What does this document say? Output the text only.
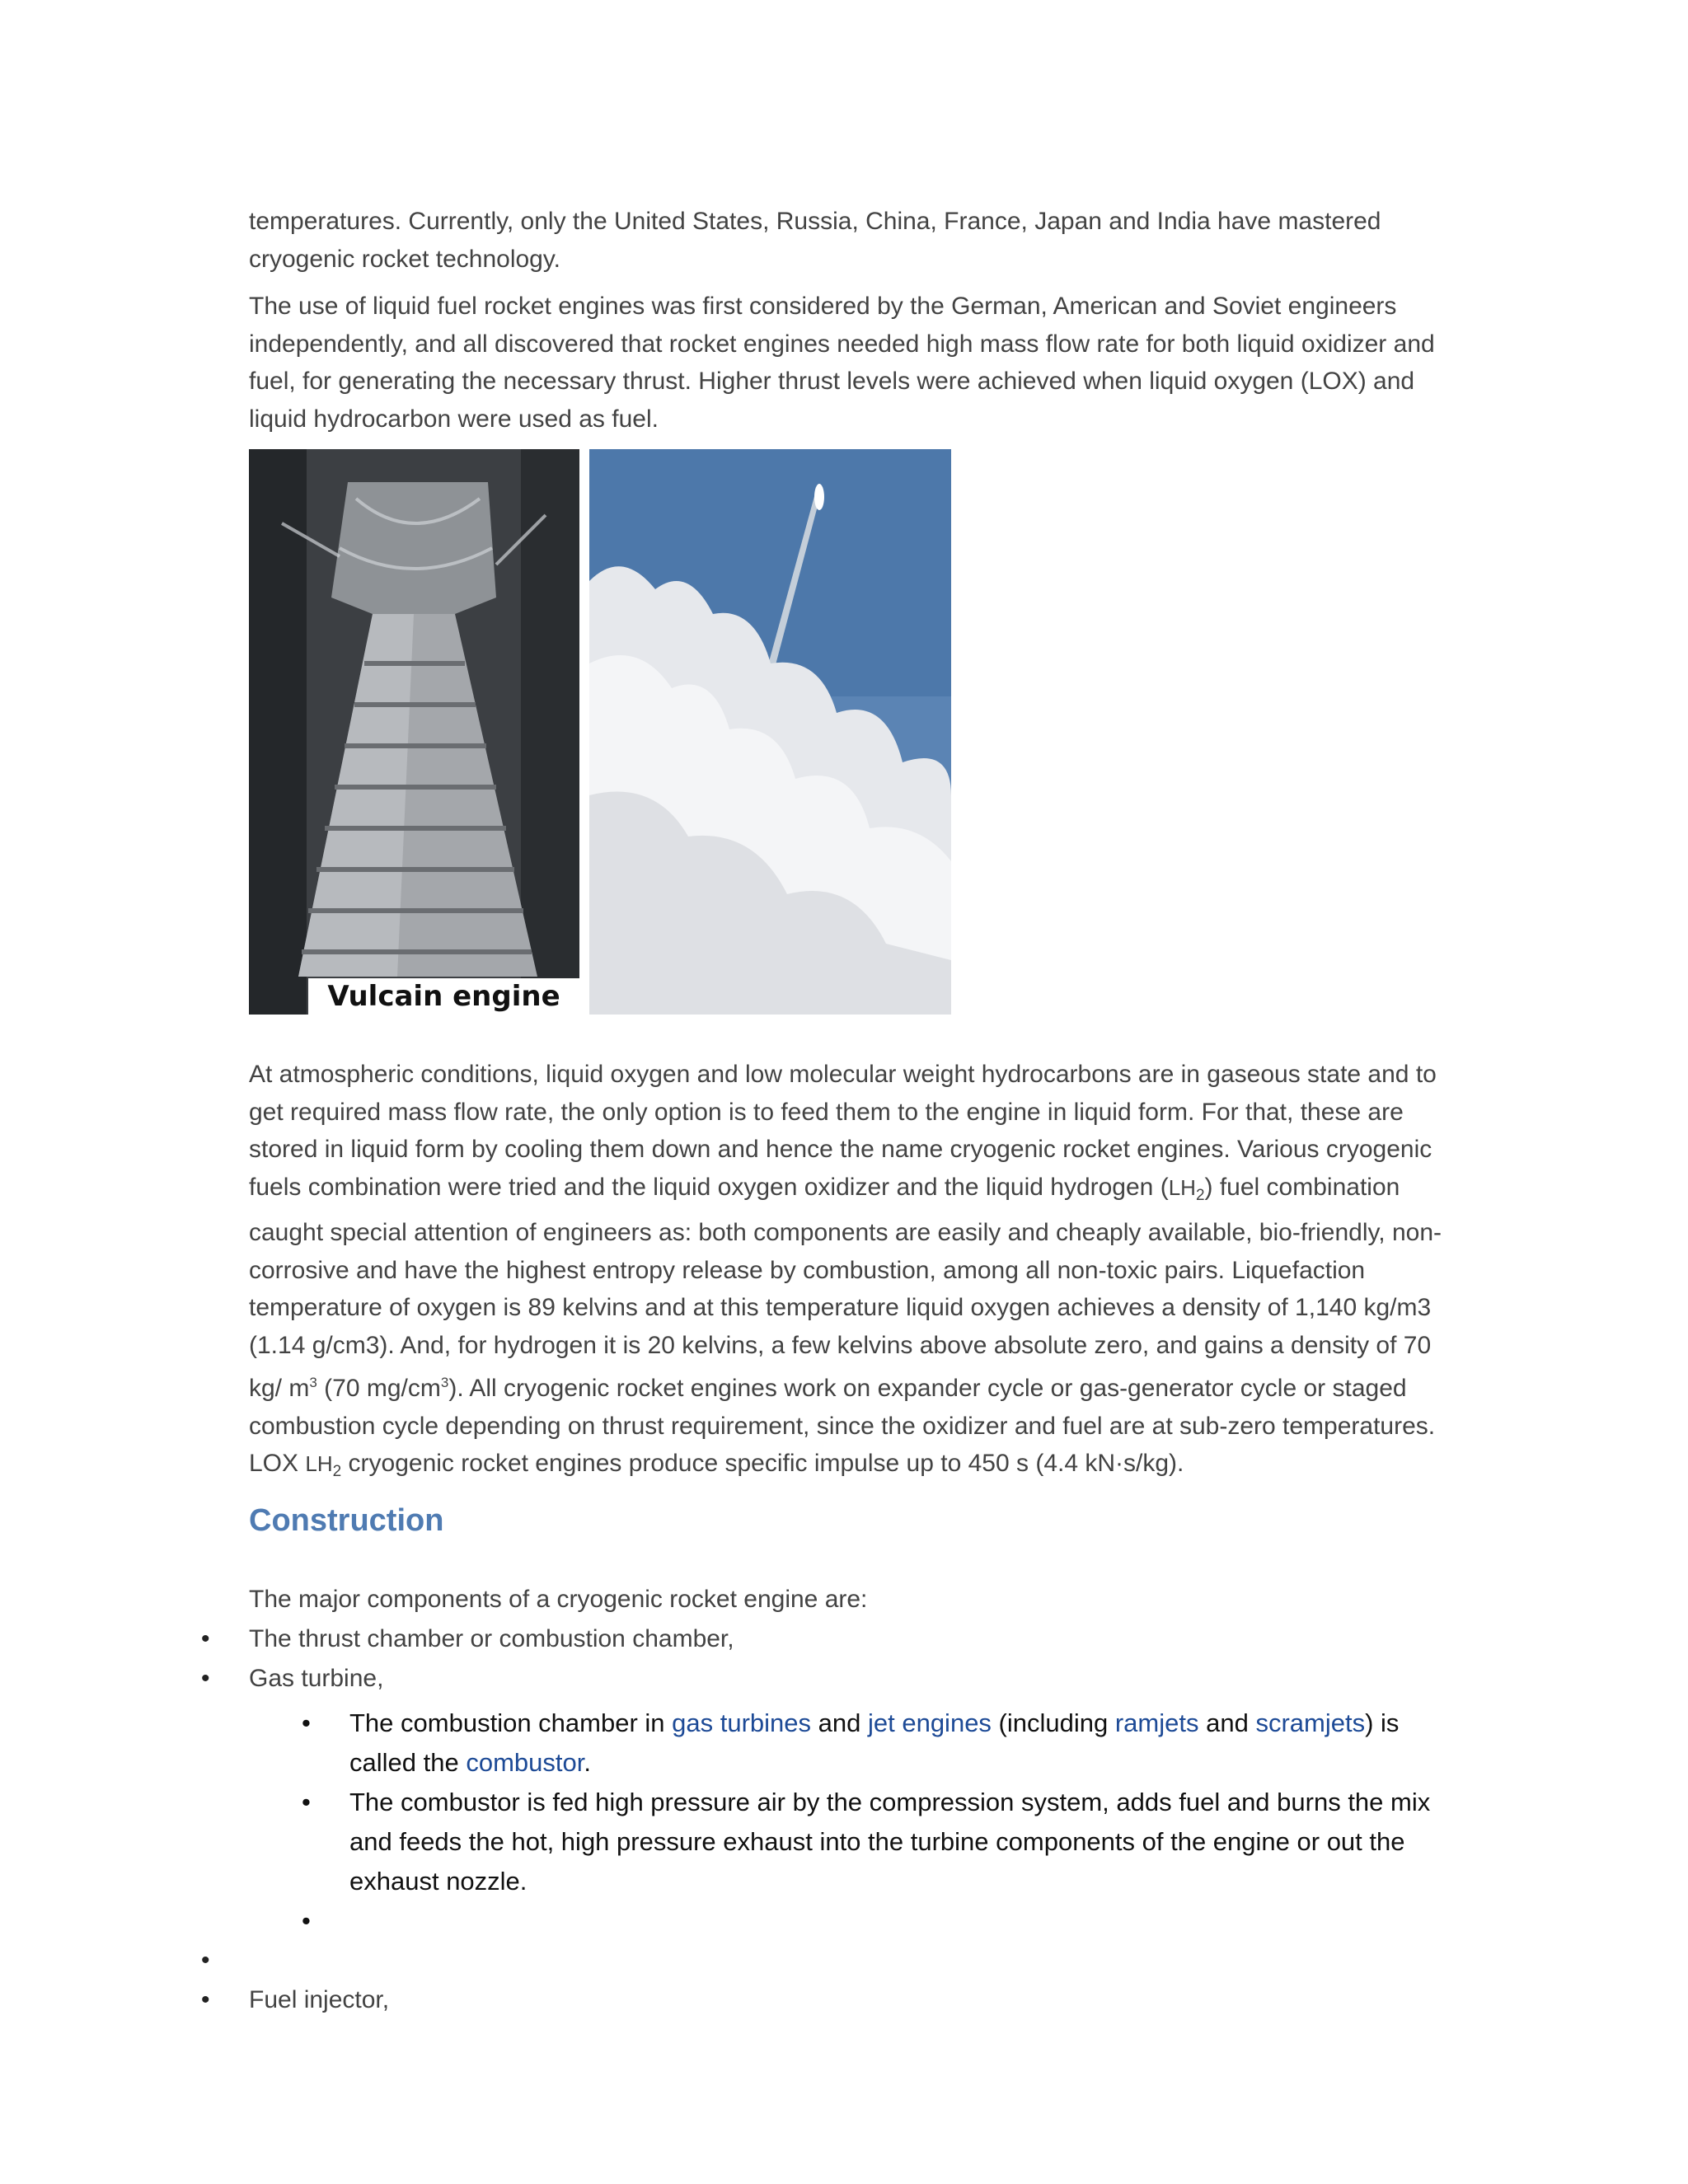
temperatures. Currently, only the United States, Russia, China, France, Japan and India have mastered cryogenic rocket technology.

The use of liquid fuel rocket engines was first considered by the German, American and Soviet engineers independently, and all discovered that rocket engines needed high mass flow rate for both liquid oxidizer and fuel, for generating the necessary thrust. Higher thrust levels were achieved when liquid oxygen (LOX) and liquid hydrocarbon were used as fuel.

Vulcain engine

At atmospheric conditions, liquid oxygen and low molecular weight hydrocarbons are in gaseous state and to get required mass flow rate, the only option is to feed them to the engine in liquid form. For that, these are stored in liquid form by cooling them down and hence the name cryogenic rocket engines. Various cryogenic fuels combination were tried and the liquid oxygen oxidizer and the liquid hydrogen $(LH_2)$ fuel combination caught special attention of engineers as: both components are easily and cheaply available, bio-friendly, non-corrosive and have the highest entropy release by combustion, among all non-toxic pairs. Liquefaction temperature of oxygen is 89 kelvins and at this temperature liquid oxygen achieves a density of 1,140 kg/m3 (1.14 g/cm3). And, for hydrogen it is 20 kelvins, a few kelvins above absolute zero, and gains a density of 70 kg/ $m^3$ (70 $mg/cm^3$). All cryogenic rocket engines work on expander cycle or gas-generator cycle or staged combustion cycle depending on thrust requirement, since the oxidizer and fuel are at sub-zero temperatures. LOX $LH_2$ cryogenic rocket engines produce specific impulse up to 450 s (4.4 kN·s/kg).

Construction

The major components of a cryogenic rocket engine are:

• The thrust chamber or combustion chamber,
• Gas turbine,
• The combustion chamber in gas turbines and jet engines (including ramjets and scramjets) is called the combustor.
• The combustor is fed high pressure air by the compression system, adds fuel and burns the mix and feeds the hot, high pressure exhaust into the turbine components of the engine or out the exhaust nozzle.
•
•
• Fuel injector,
